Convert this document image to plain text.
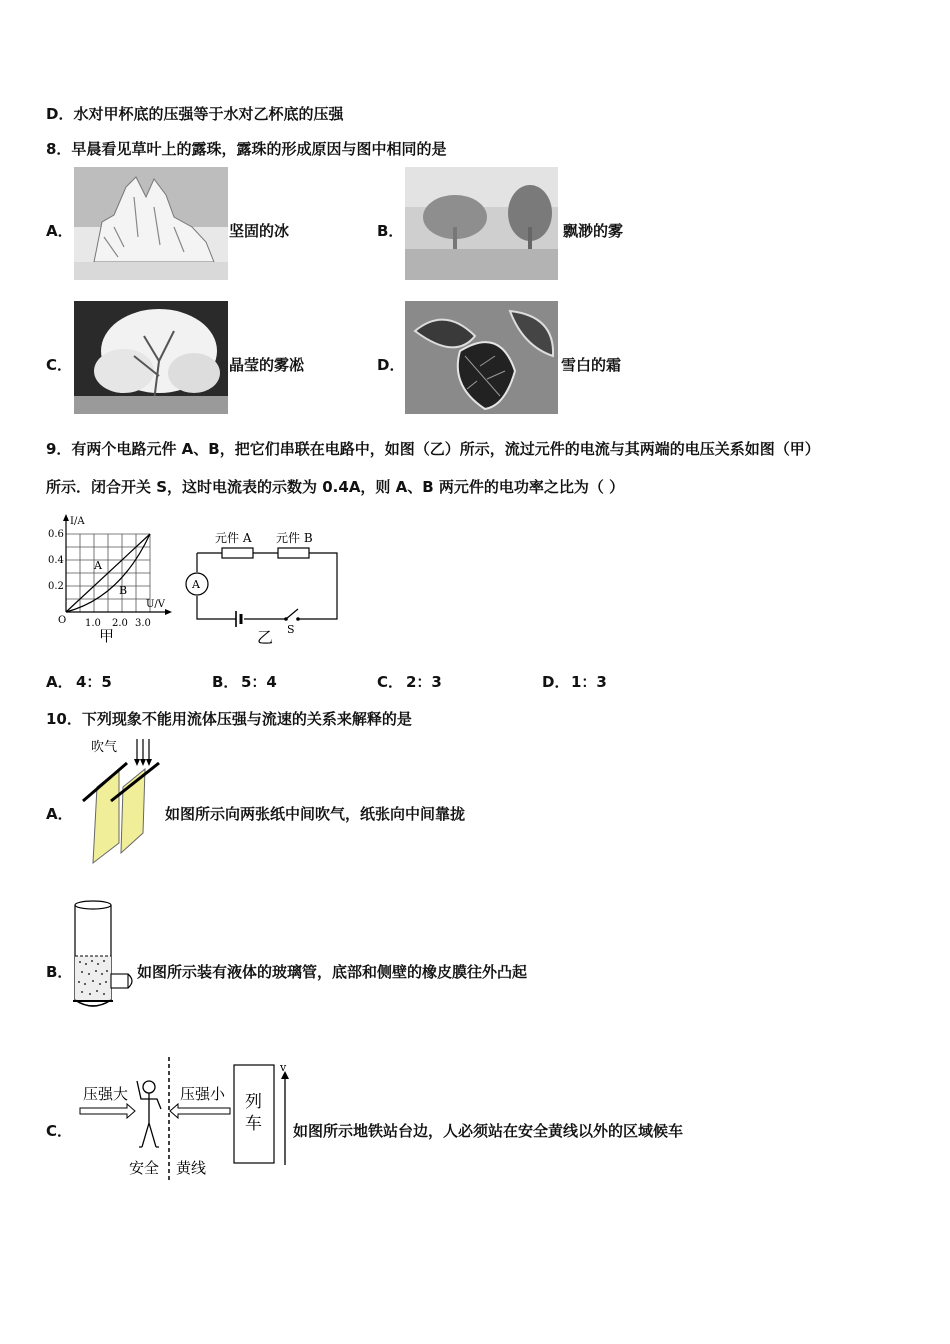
D．水对甲杯底的压强等于水对乙杯底的压强
8．早晨看见草叶上的露珠，露珠的形成原因与图中相同的是
A．	坚固的冰	B．	飘渺的雾
C．	晶莹的雾凇	D．	雪白的霜
9．有两个电路元件 A、B，把它们串联在电路中，如图（乙）所示，流过元件的电流与其两端的电压关系如图（甲）
所示．闭合开关 S，这时电流表的示数为 0.4A，则 A、B 两元件的电功率之比为（ ）
I/A
U/V
0.6
0.4
0.2
O 1.0 2.0 3.0
A
B
甲
元件 A 元件 B
A
S
乙
A． 4：5	B． 5：4	C． 2：3	D． 1：3
10．下列现象不能用流体压强与流速的关系来解释的是
A．
吹气
如图所示向两张纸中间吹气，纸张向中间靠拢
B．	如图所示装有液体的玻璃管，底部和侧壁的橡皮膜往外凸起
C．
压强大	压强小
安全 黄线
列
车
v
如图所示地铁站台边，人必须站在安全黄线以外的区域候车
